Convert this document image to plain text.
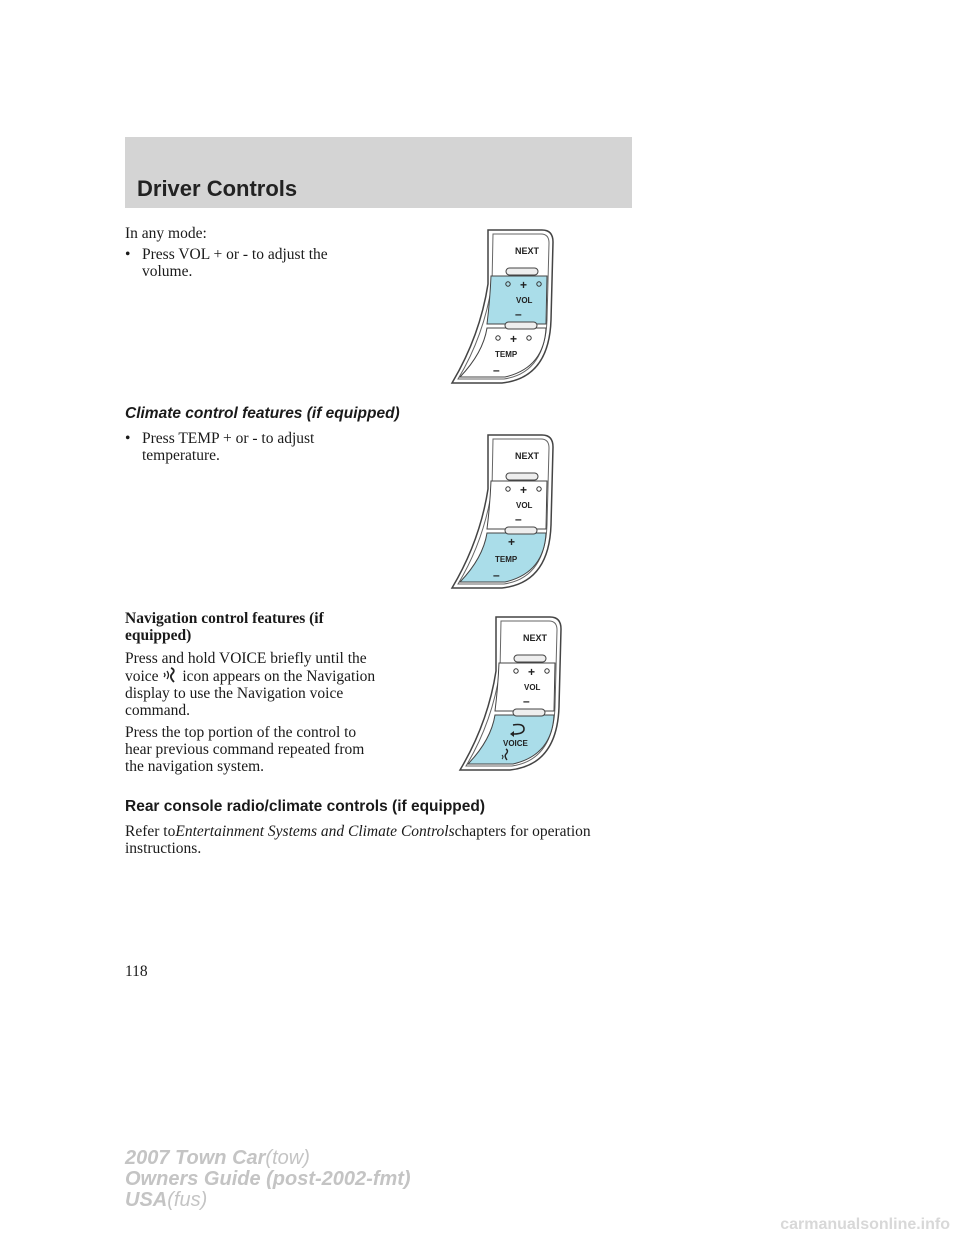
Driver Controls

In any mode:

• Press VOL + or - to adjust the volume.
NEXT
+
VOL
–
+
TEMP
–

Climate control features (if equipped)

• Press TEMP + or - to adjust temperature.	NEXT
+
VOL
–
+
TEMP
–

Navigation control features (if equipped)

Press and hold VOICE briefly until the voice icon appears on the Navigation display to use the Navigation voice command.

Press the top portion of the control to hear previous command repeated from the navigation system.

NEXT
+
VOL
–
VOICE

Rear console radio/climate controls (if equipped)

Refer toEntertainment Systems and Climate Controlschapters for operation instructions.

118
2007 Town Car(tow)
Owners Guide (post-2002-fmt)
USA(fus)
carmanualsonline.info
